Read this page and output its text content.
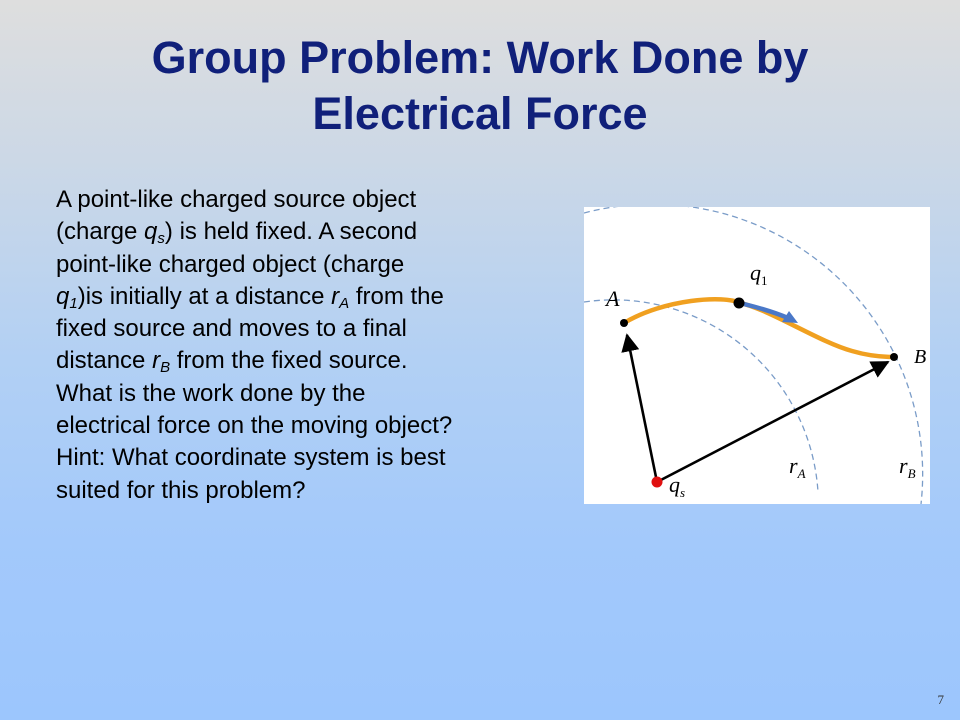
Group Problem: Work Done by
Electrical Force
A point-like charged source object
(charge $q_s$) is held fixed. A second
point-like charged object (charge
$q_1)is$ initially at a distance $r_A$ from the
fixed source and moves to a final
distance $r_B$ from the fixed source.
What is the work done by the
electrical force on the moving object?
Hint: What coordinate system is best
suited for this problem?
A
B
$q_1$
$q_s$
$r_A$	$r_B$
7
